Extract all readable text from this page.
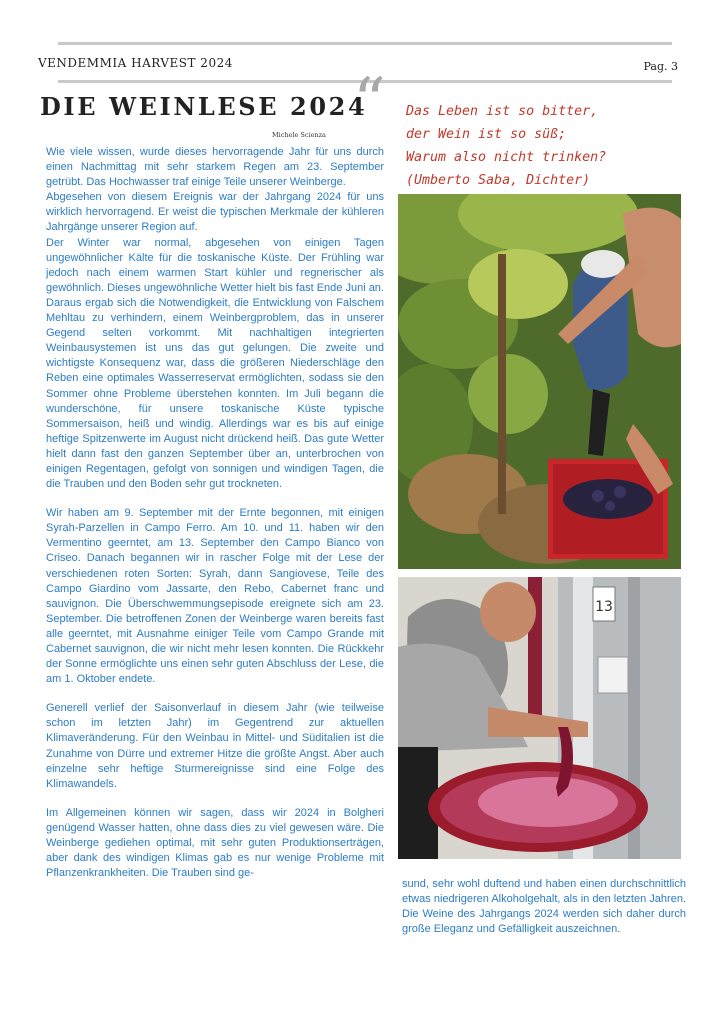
VENDEMMIA HARVEST 2024	Pag. 3
DIE WEINLESE 2024
“
Michele Scienza
Das Leben ist so bitter,
der Wein ist so süß;
Warum also nicht trinken?
(Umberto Saba, Dichter)

Wie viele wissen, wurde dieses hervorragende Jahr für uns durch einen Nachmittag mit sehr starkem Regen am 23. September getrübt. Das Hochwasser traf einige Teile unserer Weinberge.

Abgesehen von diesem Ereignis war der Jahrgang 2024 für uns wirklich hervorragend. Er weist die typischen Merkmale der kühleren Jahrgänge unserer Region auf.

Der Winter war normal, abgesehen von einigen Tagen ungewöhnlicher Kälte für die toskanische Küste. Der Frühling war jedoch nach einem warmen Start kühler und regnerischer als gewöhnlich. Dieses ungewöhnliche Wetter hielt bis fast Ende Juni an. Daraus ergab sich die Notwendigkeit, die Entwicklung von Falschem Mehltau zu verhindern, einem Weinbergproblem, das in unserer Gegend selten vorkommt. Mit nachhaltigen integrierten Weinbausystemen ist uns das gut gelungen. Die zweite und wichtigste Konsequenz war, dass die größeren Niederschläge den Reben eine optimales Wasserreservat ermöglichten, sodass sie den Sommer ohne Probleme überstehen konnten. Im Juli begann die wunderschöne, für unsere toskanische Küste typische Sommersaison, heiß und windig. Allerdings war es bis auf einige heftige Spitzenwerte im August nicht drückend heiß. Das gute Wetter hielt dann fast den ganzen September über an, unterbrochen von einigen Regentagen, gefolgt von sonnigen und windigen Tagen, die die Trauben und den Boden sehr gut trockneten.

Wir haben am 9. September mit der Ernte begonnen, mit einigen Syrah-Parzellen in Campo Ferro. Am 10. und 11. haben wir den Vermentino geerntet, am 13. September den Campo Bianco von Criseo. Danach begannen wir in rascher Folge mit der Lese der verschiedenen roten Sorten: Syrah, dann Sangiovese, Teile des Campo Giardino vom Jassarte, den Rebo, Cabernet franc und sauvignon. Die Überschwemmungsepisode ereignete sich am 23. September. Die betroffenen Zonen der Weinberge waren bereits fast alle geerntet, mit Ausnahme einiger Teile vom Campo Grande mit Cabernet sauvignon, die wir nicht mehr lesen konnten. Die Rückkehr der Sonne ermöglichte uns einen sehr guten Abschluss der Lese, die am 1. Oktober endete.

Generell verlief der Saisonverlauf in diesem Jahr (wie teilweise schon im letzten Jahr) im Gegentrend zur aktuellen Klimaveränderung. Für den Weinbau in Mittel- und Süditalien ist die Zunahme von Dürre und extremer Hitze die größte Angst. Aber auch einzelne sehr heftige Sturmereignisse sind eine Folge des Klimawandels.

Im Allgemeinen können wir sagen, dass wir 2024 in Bolgheri genügend Wasser hatten, ohne dass dies zu viel gewesen wäre. Die Weinberge gediehen optimal, mit sehr guten Produktionserträgen, aber dank des windigen Klimas gab es nur wenige Probleme mit Pflanzenkrankheiten. Die Trauben sind ge-

13

sund, sehr wohl duftend und haben einen durchschnittlich etwas niedrigeren Alkoholgehalt, als in den letzten Jahren. Die Weine des Jahrgangs 2024 werden sich daher durch große Eleganz und Gefälligkeit auszeichnen.
